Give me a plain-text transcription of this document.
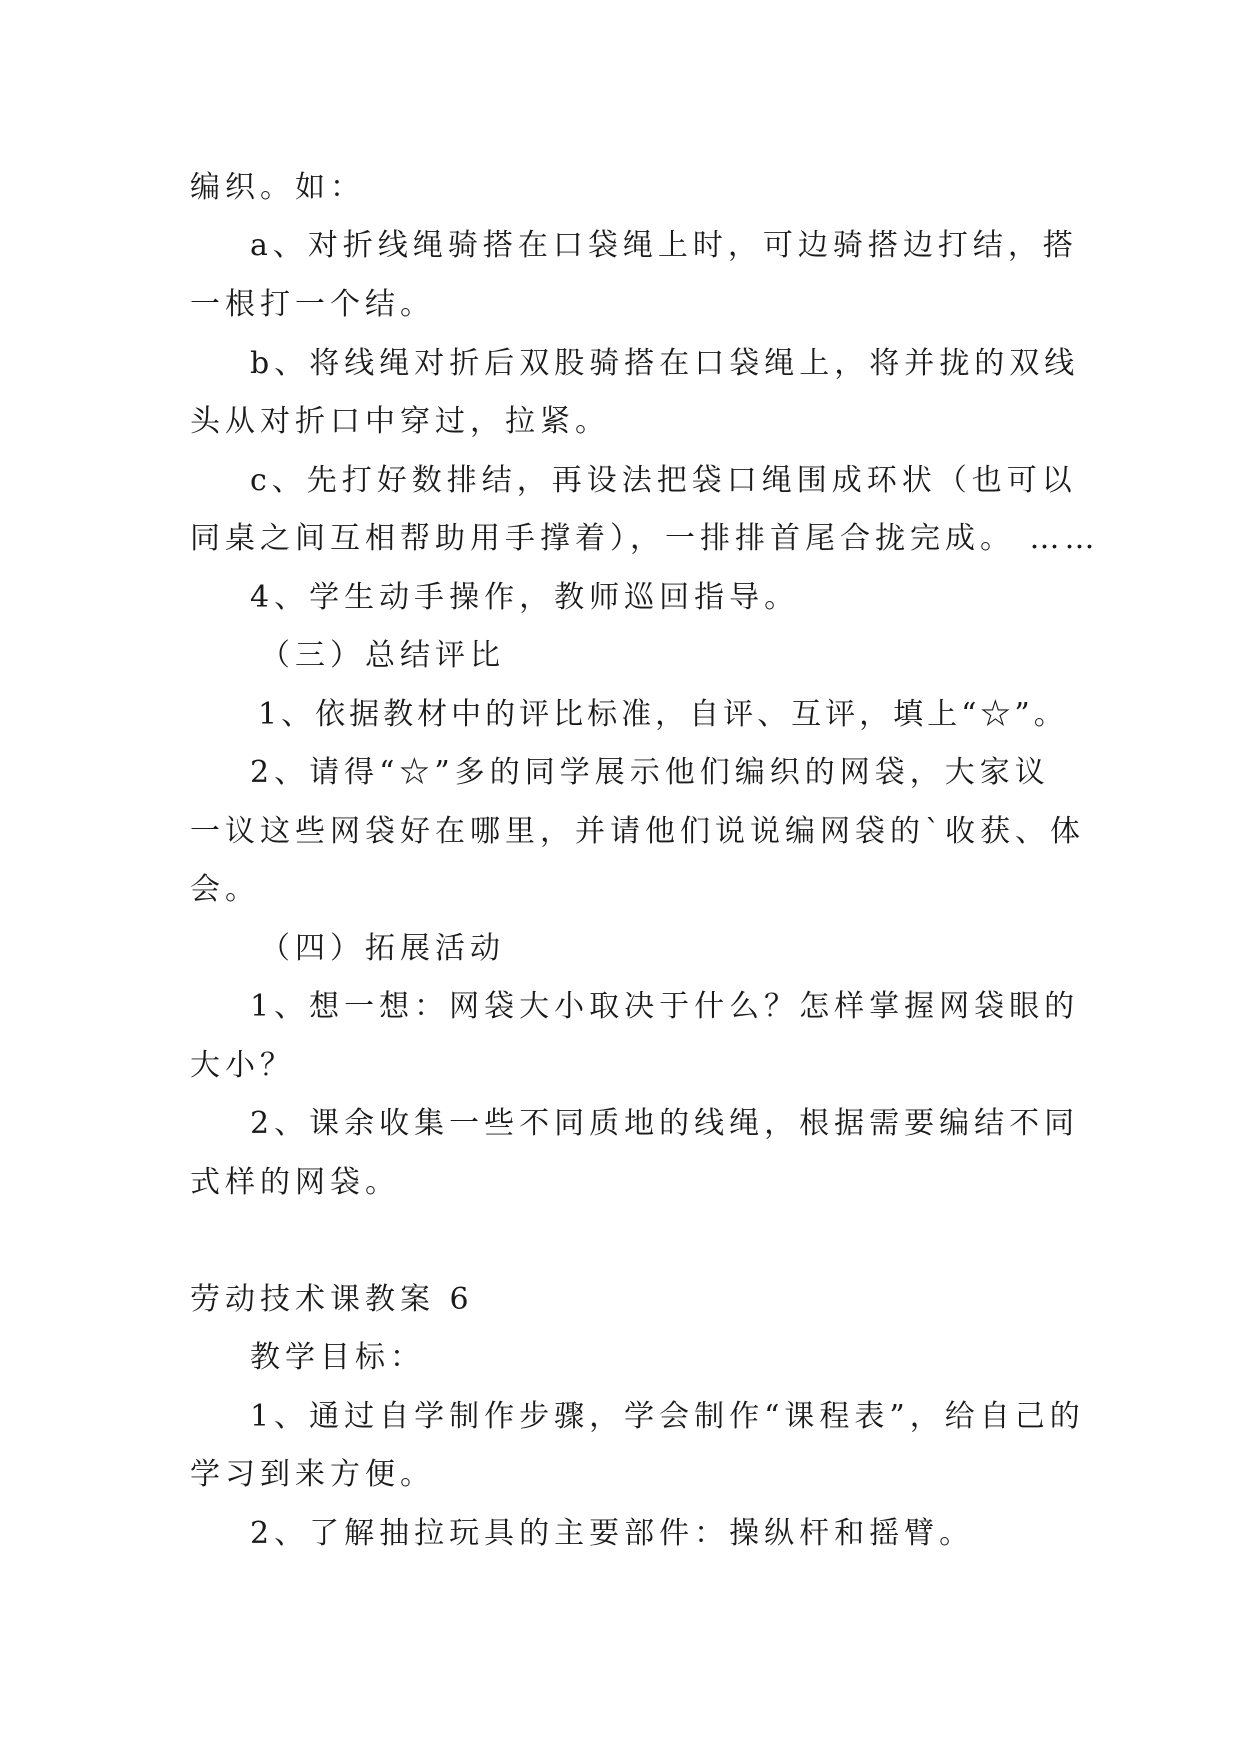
编织。如：
a、对折线绳骑搭在口袋绳上时，可边骑搭边打结，搭
一根打一个结。
b、将线绳对折后双股骑搭在口袋绳上，将并拢的双线
头从对折口中穿过，拉紧。
c、先打好数排结，再设法把袋口绳围成环状（也可以
同桌之间互相帮助用手撑着），一排排首尾合拢完成。 ……
4、学生动手操作，教师巡回指导。
（三）总结评比
1、依据教材中的评比标准，自评、互评，填上“☆”。
2、请得“☆”多的同学展示他们编织的网袋，大家议
一议这些网袋好在哪里，并请他们说说编网袋的`收获、体
会。
（四）拓展活动
1、想一想：网袋大小取决于什么？怎样掌握网袋眼的
大小？
2、课余收集一些不同质地的线绳，根据需要编结不同
式样的网袋。
劳动技术课教案 6
教学目标：
1、通过自学制作步骤，学会制作“课程表”，给自己的
学习到来方便。
2、了解抽拉玩具的主要部件：操纵杆和摇臂。
